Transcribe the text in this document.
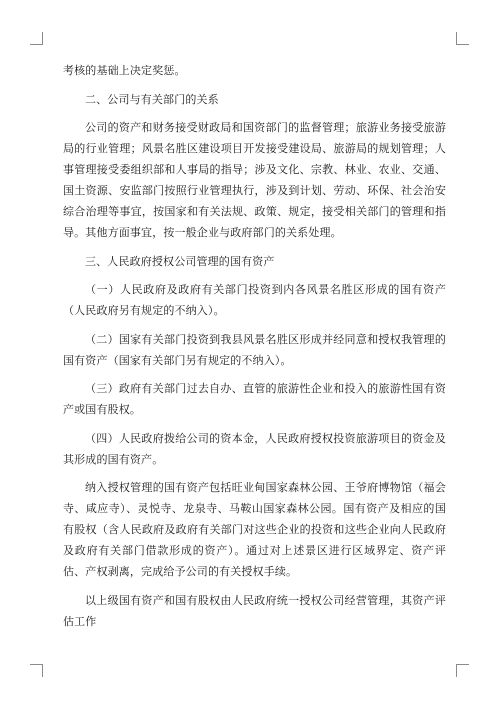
考核的基础上决定奖惩。

二、公司与有关部门的关系

公司的资产和财务接受财政局和国资部门的监督管理；旅游业务接受旅游局的行业管理；风景名胜区建设项目开发接受建设局、旅游局的规划管理；人事管理接受委组织部和人事局的指导；涉及文化、宗教、林业、农业、交通、国土资源、安监部门按照行业管理执行，涉及到计划、劳动、环保、社会治安综合治理等事宜，按国家和有关法规、政策、规定，接受相关部门的管理和指导。其他方面事宜，按一般企业与政府部门的关系处理。

三、人民政府授权公司管理的国有资产

（一）人民政府及政府有关部门投资到内各风景名胜区形成的国有资产（人民政府另有规定的不纳入）。

（二）国家有关部门投资到我县风景名胜区形成并经同意和授权我管理的国有资产（国家有关部门另有规定的不纳入）。

（三）政府有关部门过去自办、直管的旅游性企业和投入的旅游性国有资产或国有股权。

（四）人民政府拨给公司的资本金，人民政府授权投资旅游项目的资金及其形成的国有资产。

纳入授权管理的国有资产包括旺业甸国家森林公园、王爷府博物馆（福会寺、咸应寺）、灵悦寺、龙泉寺、马鞍山国家森林公园。国有资产及相应的国有股权（含人民政府及政府有关部门对这些企业的投资和这些企业向人民政府及政府有关部门借款形成的资产）。通过对上述景区进行区域界定、资产评估、产权剥离，完成给予公司的有关授权手续。

以上级国有资产和国有股权由人民政府统一授权公司经营管理，其资产评估工作
